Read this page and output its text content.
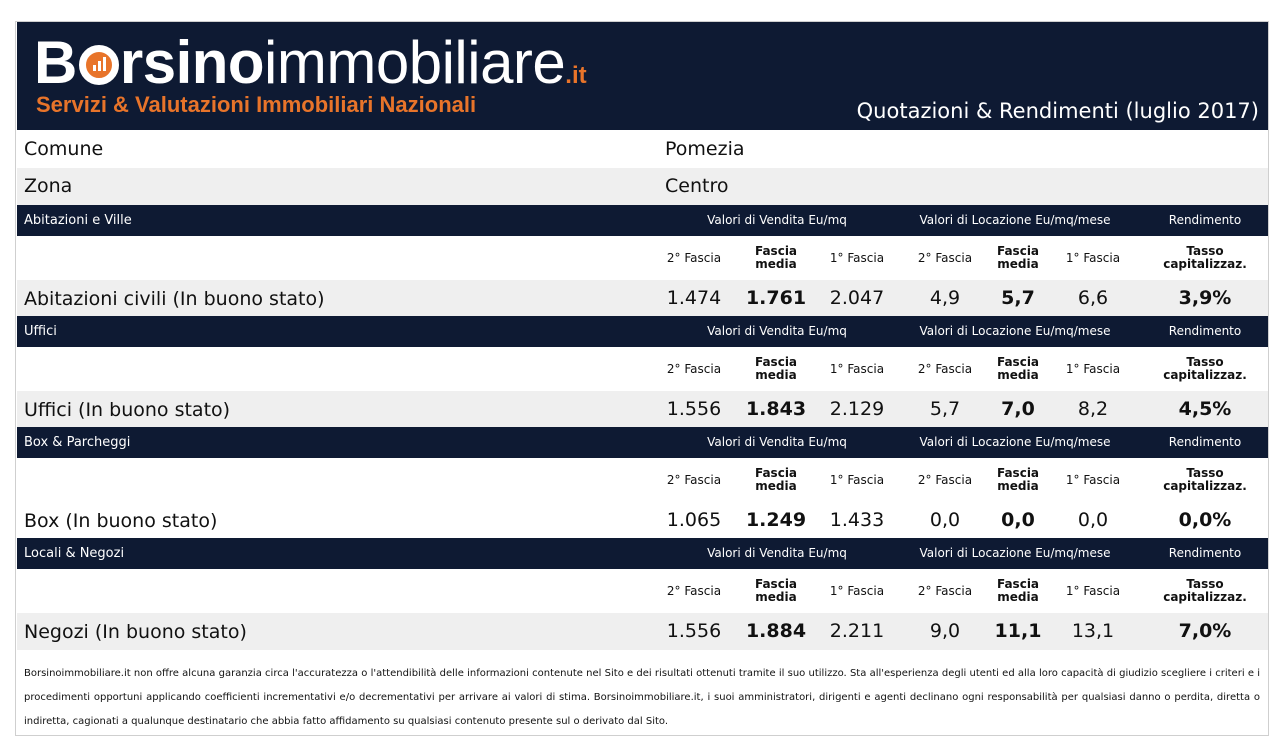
B rsinoimmobiliare.it
Servizi & Valutazioni Immobiliari Nazionali	Quotazioni & Rendimenti (luglio 2017)
Comune	Pomezia
Zona	Centro
Abitazioni e Ville	Valori di Vendita Eu/mq	Valori di Locazione Eu/mq/mese	Rendimento
2° Fascia	Fascia media	1° Fascia	2° Fascia	Fascia media	1° Fascia	Tasso capitalizzaz.
Abitazioni civili (In buono stato)	1.474	1.761	2.047	4,9	5,7	6,6	3,9%
Uffici	Valori di Vendita Eu/mq	Valori di Locazione Eu/mq/mese	Rendimento
2° Fascia	Fascia media	1° Fascia	2° Fascia	Fascia media	1° Fascia	Tasso capitalizzaz.
Uffici (In buono stato)	1.556	1.843	2.129	5,7	7,0	8,2	4,5%
Box & Parcheggi	Valori di Vendita Eu/mq	Valori di Locazione Eu/mq/mese	Rendimento
2° Fascia	Fascia media	1° Fascia	2° Fascia	Fascia media	1° Fascia	Tasso capitalizzaz.
Box (In buono stato)	1.065	1.249	1.433	0,0	0,0	0,0	0,0%
Locali & Negozi	Valori di Vendita Eu/mq	Valori di Locazione Eu/mq/mese	Rendimento
2° Fascia	Fascia media	1° Fascia	2° Fascia	Fascia media	1° Fascia	Tasso capitalizzaz.
Negozi (In buono stato)	1.556	1.884	2.211	9,0	11,1	13,1	7,0%
Borsinoimmobiliare.it non offre alcuna garanzia circa l'accuratezza o l'attendibilità delle informazioni contenute nel Sito e dei risultati ottenuti tramite il suo utilizzo. Sta all'esperienza degli utenti ed alla loro capacità di giudizio scegliere i criteri e i procedimenti opportuni applicando coefficienti incrementativi e/o decrementativi per arrivare ai valori di stima. Borsinoimmobiliare.it, i suoi amministratori, dirigenti e agenti declinano ogni responsabilità per qualsiasi danno o perdita, diretta o indiretta, cagionati a qualunque destinatario che abbia fatto affidamento su qualsiasi contenuto presente sul o derivato dal Sito.
